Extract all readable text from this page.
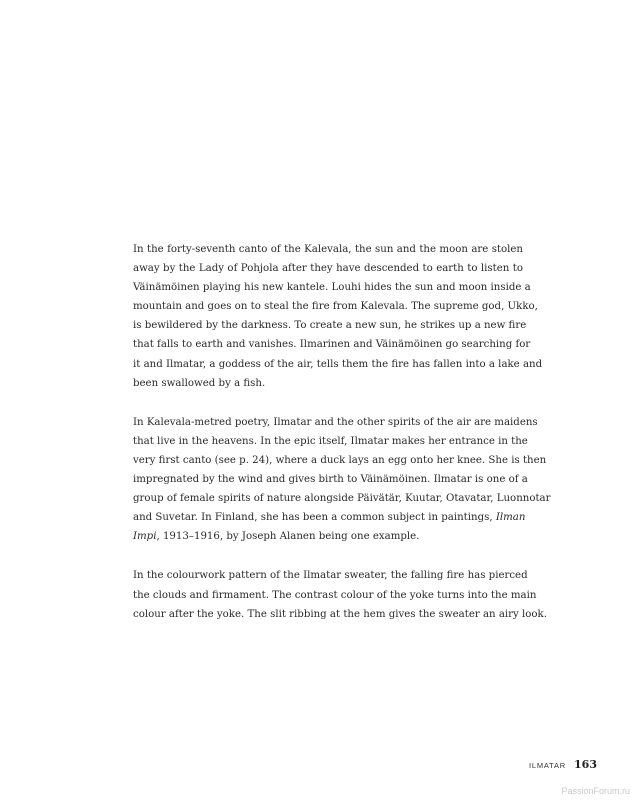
In the forty-seventh canto of the Kalevala, the sun and the moon are stolen
away by the Lady of Pohjola after they have descended to earth to listen to
Väinämöinen playing his new kantele. Louhi hides the sun and moon inside a
mountain and goes on to steal the fire from Kalevala. The supreme god, Ukko,
is bewildered by the darkness. To create a new sun, he strikes up a new fire
that falls to earth and vanishes. Ilmarinen and Väinämöinen go searching for
it and Ilmatar, a goddess of the air, tells them the fire has fallen into a lake and
been swallowed by a fish.

In Kalevala-metred poetry, Ilmatar and the other spirits of the air are maidens
that live in the heavens. In the epic itself, Ilmatar makes her entrance in the
very first canto (see p. 24), where a duck lays an egg onto her knee. She is then
impregnated by the wind and gives birth to Väinämöinen. Ilmatar is one of a
group of female spirits of nature alongside Päivätär, Kuutar, Otavatar, Luonnotar
and Suvetar. In Finland, she has been a common subject in paintings, Ilman
Impi, 1913–1916, by Joseph Alanen being one example.

In the colourwork pattern of the Ilmatar sweater, the falling fire has pierced
the clouds and firmament. The contrast colour of the yoke turns into the main
colour after the yoke. The slit ribbing at the hem gives the sweater an airy look.

ILMATAR 163
PassionForum.ru
